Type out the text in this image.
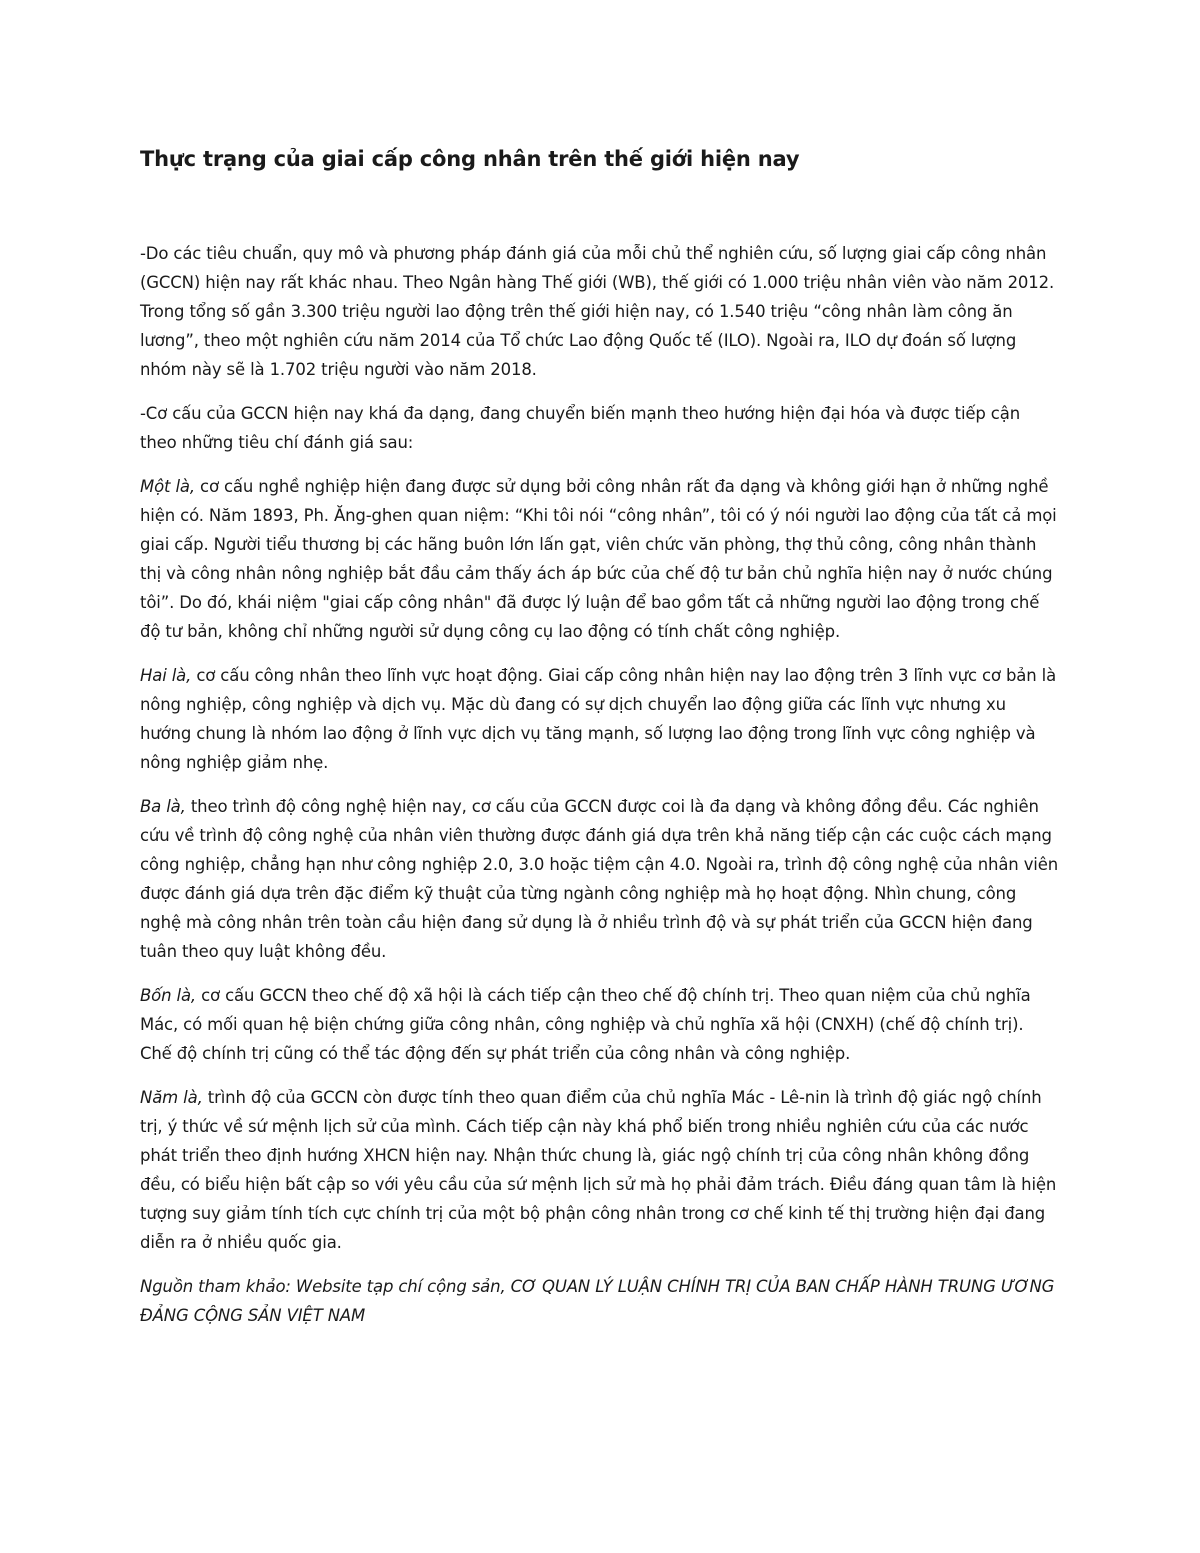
Thực trạng của giai cấp công nhân trên thế giới hiện nay

-Do các tiêu chuẩn, quy mô và phương pháp đánh giá của mỗi chủ thể nghiên cứu, số lượng giai cấp công nhân (GCCN) hiện nay rất khác nhau. Theo Ngân hàng Thế giới (WB), thế giới có 1.000 triệu nhân viên vào năm 2012. Trong tổng số gần 3.300 triệu người lao động trên thế giới hiện nay, có 1.540 triệu “công nhân làm công ăn lương”, theo một nghiên cứu năm 2014 của Tổ chức Lao động Quốc tế (ILO). Ngoài ra, ILO dự đoán số lượng nhóm này sẽ là 1.702 triệu người vào năm 2018.

-Cơ cấu của GCCN hiện nay khá đa dạng, đang chuyển biến mạnh theo hướng hiện đại hóa và được tiếp cận theo những tiêu chí đánh giá sau:

Một là, cơ cấu nghề nghiệp hiện đang được sử dụng bởi công nhân rất đa dạng và không giới hạn ở những nghề hiện có. Năm 1893, Ph. Ăng-ghen quan niệm: “Khi tôi nói “công nhân”, tôi có ý nói người lao động của tất cả mọi giai cấp. Người tiểu thương bị các hãng buôn lớn lấn gạt, viên chức văn phòng, thợ thủ công, công nhân thành thị và công nhân nông nghiệp bắt đầu cảm thấy ách áp bức của chế độ tư bản chủ nghĩa hiện nay ở nước chúng tôi”. Do đó, khái niệm "giai cấp công nhân" đã được lý luận để bao gồm tất cả những người lao động trong chế độ tư bản, không chỉ những người sử dụng công cụ lao động có tính chất công nghiệp.

Hai là, cơ cấu công nhân theo lĩnh vực hoạt động. Giai cấp công nhân hiện nay lao động trên 3 lĩnh vực cơ bản là nông nghiệp, công nghiệp và dịch vụ. Mặc dù đang có sự dịch chuyển lao động giữa các lĩnh vực nhưng xu hướng chung là nhóm lao động ở lĩnh vực dịch vụ tăng mạnh, số lượng lao động trong lĩnh vực công nghiệp và nông nghiệp giảm nhẹ.

Ba là, theo trình độ công nghệ hiện nay, cơ cấu của GCCN được coi là đa dạng và không đồng đều. Các nghiên cứu về trình độ công nghệ của nhân viên thường được đánh giá dựa trên khả năng tiếp cận các cuộc cách mạng công nghiệp, chẳng hạn như công nghiệp 2.0, 3.0 hoặc tiệm cận 4.0. Ngoài ra, trình độ công nghệ của nhân viên được đánh giá dựa trên đặc điểm kỹ thuật của từng ngành công nghiệp mà họ hoạt động. Nhìn chung, công nghệ mà công nhân trên toàn cầu hiện đang sử dụng là ở nhiều trình độ và sự phát triển của GCCN hiện đang tuân theo quy luật không đều.

Bốn là, cơ cấu GCCN theo chế độ xã hội là cách tiếp cận theo chế độ chính trị. Theo quan niệm của chủ nghĩa Mác, có mối quan hệ biện chứng giữa công nhân, công nghiệp và chủ nghĩa xã hội (CNXH) (chế độ chính trị). Chế độ chính trị cũng có thể tác động đến sự phát triển của công nhân và công nghiệp.

Năm là, trình độ của GCCN còn được tính theo quan điểm của chủ nghĩa Mác - Lê-nin là trình độ giác ngộ chính trị, ý thức về sứ mệnh lịch sử của mình. Cách tiếp cận này khá phổ biến trong nhiều nghiên cứu của các nước phát triển theo định hướng XHCN hiện nay. Nhận thức chung là, giác ngộ chính trị của công nhân không đồng đều, có biểu hiện bất cập so với yêu cầu của sứ mệnh lịch sử mà họ phải đảm trách. Điều đáng quan tâm là hiện tượng suy giảm tính tích cực chính trị của một bộ phận công nhân trong cơ chế kinh tế thị trường hiện đại đang diễn ra ở nhiều quốc gia.

Nguồn tham khảo: Website tạp chí cộng sản, CƠ QUAN LÝ LUẬN CHÍNH TRỊ CỦA BAN CHẤP HÀNH TRUNG ƯƠNG ĐẢNG CỘNG SẢN VIỆT NAM
